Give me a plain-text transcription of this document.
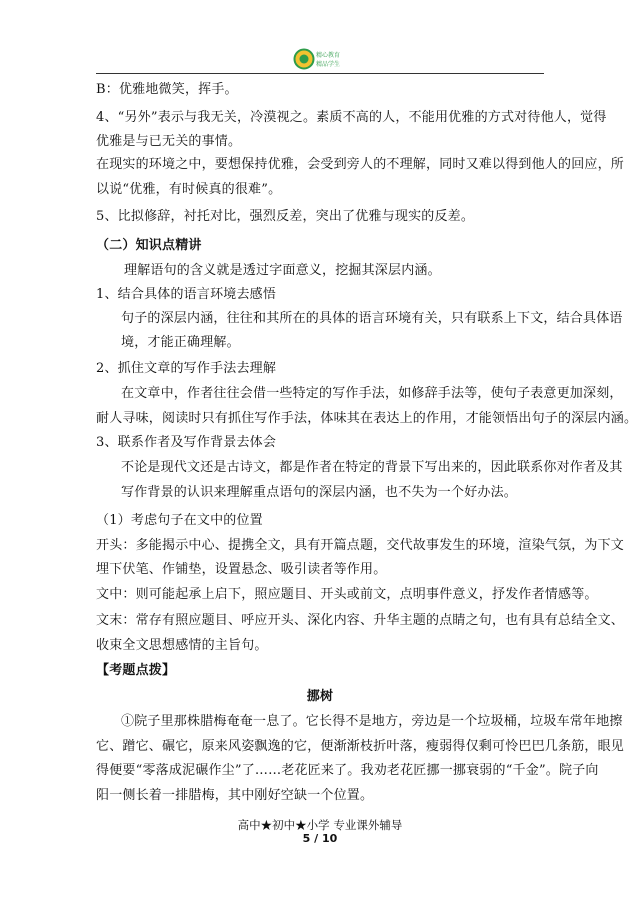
精心教育
精品学生
B：优雅地微笑，挥手。
4、“另外”表示与我无关，冷漠视之。素质不高的人，不能用优雅的方式对待他人，觉得
优雅是与已无关的事情。
在现实的环境之中，要想保持优雅，会受到旁人的不理解，同时又难以得到他人的回应，所
以说“优雅，有时候真的很难”。
5、比拟修辞，衬托对比，强烈反差，突出了优雅与现实的反差。
（二）知识点精讲
理解语句的含义就是透过字面意义，挖掘其深层内涵。
1、结合具体的语言环境去感悟
句子的深层内涵，往往和其所在的具体的语言环境有关，只有联系上下文，结合具体语
境，才能正确理解。
2、抓住文章的写作手法去理解
在文章中，作者往往会借一些特定的写作手法，如修辞手法等，使句子表意更加深刻，
耐人寻味，阅读时只有抓住写作手法，体味其在表达上的作用，才能领悟出句子的深层内涵。
3、联系作者及写作背景去体会
不论是现代文还是古诗文，都是作者在特定的背景下写出来的，因此联系你对作者及其
写作背景的认识来理解重点语句的深层内涵，也不失为一个好办法。
（1）考虑句子在文中的位置
开头：多能揭示中心、提携全文，具有开篇点题，交代故事发生的环境，渲染气氛，为下文
埋下伏笔、作铺垫，设置悬念、吸引读者等作用。
文中：则可能起承上启下，照应题目、开头或前文，点明事件意义，抒发作者情感等。
文末：常存有照应题目、呼应开头、深化内容、升华主题的点睛之句，也有具有总结全文、
收束全文思想感情的主旨句。
【考题点拨】
挪树
①院子里那株腊梅奄奄一息了。它长得不是地方，旁边是一个垃圾桶，垃圾车常年地擦
它、蹭它、碾它，原来风姿飘逸的它，便渐渐枝折叶落，瘦弱得仅剩可怜巴巴几条筋，眼见
得便要“零落成泥碾作尘”了……老花匠来了。我劝老花匠挪一挪衰弱的“千金”。院子向
阳一侧长着一排腊梅，其中刚好空缺一个位置。
高中★初中★小学 专业课外辅导
5 / 10
